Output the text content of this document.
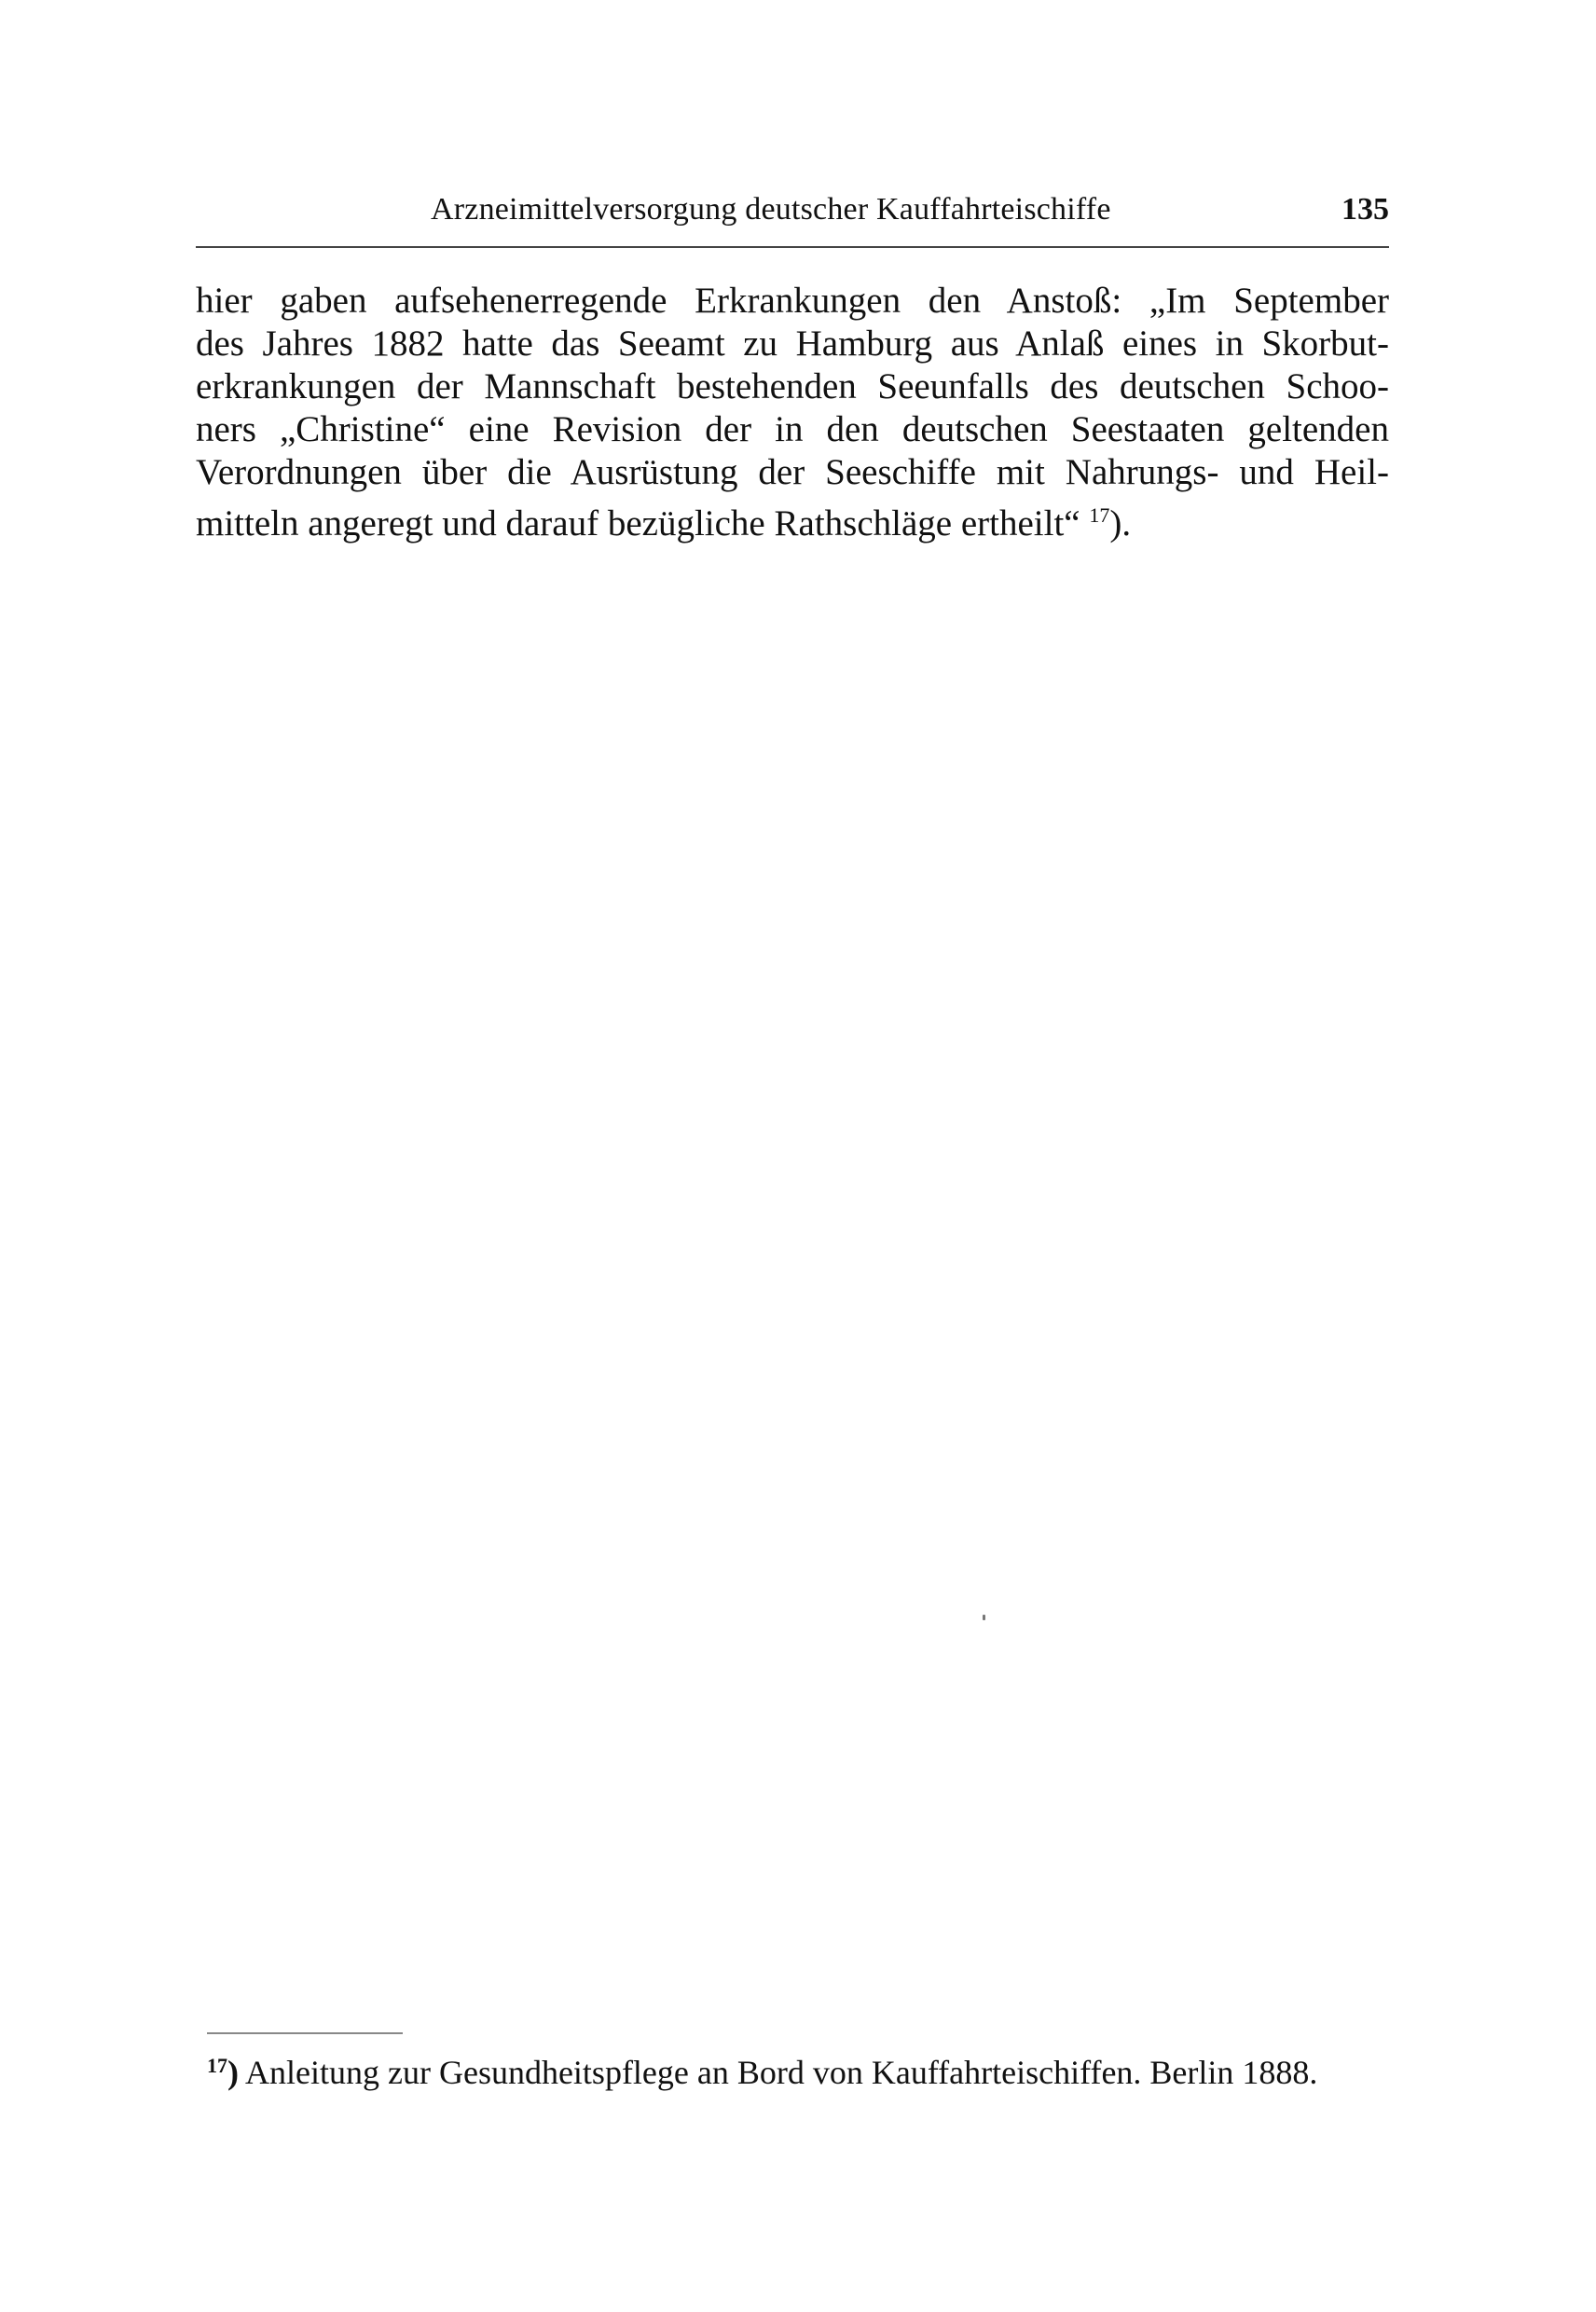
Arzneimittelversorgung deutscher Kauffahrteischiffe	135
hier gaben aufsehenerregende Erkrankungen den Anstoß: „Im September
des Jahres 1882 hatte das Seeamt zu Hamburg aus Anlaß eines in Skorbut-
erkrankungen der Mannschaft bestehenden Seeunfalls des deutschen Schoo-
ners „Christine“ eine Revision der in den deutschen Seestaaten geltenden
Verordnungen über die Ausrüstung der Seeschiffe mit Nahrungs- und Heil-
mitteln angeregt und darauf bezügliche Rathschläge ertheilt“ $^{17}$).
$^{17}$) Anleitung zur Gesundheitspflege an Bord von Kauffahrteischiffen. Berlin 1888.
